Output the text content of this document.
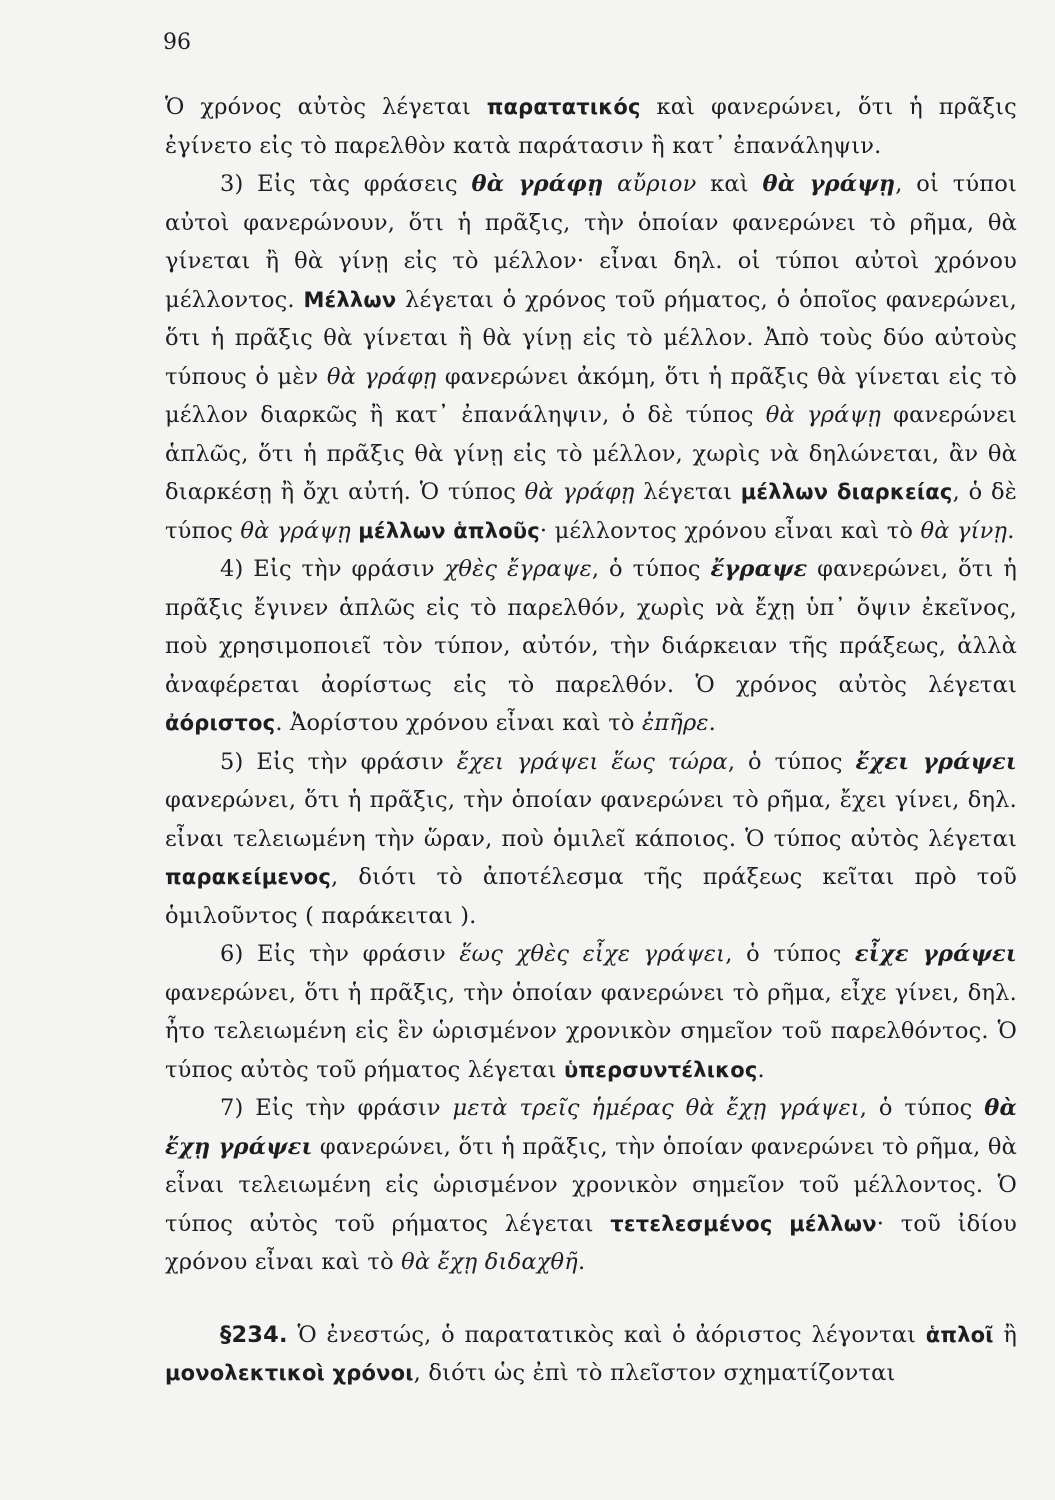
96

Ὁ χρόνος αὐτὸς λέγεται παρατατικός καὶ φανερώνει, ὅτι ἡ πρᾶξις ἐγίνετο εἰς τὸ παρελθὸν κατὰ παράτασιν ἢ κατ᾿ ἐπανάληψιν.

3) Εἰς τὰς φράσεις θὰ γράφῃ αὔριον καὶ θὰ γράψῃ, οἱ τύποι αὐτοὶ φανερώνουν, ὅτι ἡ πρᾶξις, τὴν ὁποίαν φανερώνει τὸ ρῆμα, θὰ γίνεται ἢ θὰ γίνῃ εἰς τὸ μέλλον· εἶναι δηλ. οἱ τύποι αὐτοὶ χρόνου μέλλοντος. Μέλλων λέγεται ὁ χρόνος τοῦ ρήματος, ὁ ὁποῖος φανερώνει, ὅτι ἡ πρᾶξις θὰ γίνεται ἢ θὰ γίνῃ εἰς τὸ μέλλον. Ἀπὸ τοὺς δύο αὐτοὺς τύπους ὁ μὲν θὰ γράφῃ φανερώνει ἀκόμη, ὅτι ἡ πρᾶξις θὰ γίνεται εἰς τὸ μέλλον διαρκῶς ἢ κατ᾿ ἐπανάληψιν, ὁ δὲ τύπος θὰ γράψῃ φανερώνει ἁπλῶς, ὅτι ἡ πρᾶξις θὰ γίνῃ εἰς τὸ μέλλον, χωρὶς νὰ δηλώνεται, ἂν θὰ διαρκέσῃ ἢ ὄχι αὐτή. Ὁ τύπος θὰ γράφῃ λέγεται μέλλων διαρκείας, ὁ δὲ τύπος θὰ γράψῃ μέλλων ἁπλοῦς· μέλλοντος χρόνου εἶναι καὶ τὸ θὰ γίνῃ.

4) Εἰς τὴν φράσιν χθὲς ἔγραψε, ὁ τύπος ἔγραψε φανερώνει, ὅτι ἡ πρᾶξις ἔγινεν ἁπλῶς εἰς τὸ παρελθόν, χωρὶς νὰ ἔχῃ ὑπ᾿ ὄψιν ἐκεῖνος, ποὺ χρησιμοποιεῖ τὸν τύπον, αὐτόν, τὴν διάρκειαν τῆς πράξεως, ἀλλὰ ἀναφέρεται ἀορίστως εἰς τὸ παρελθόν. Ὁ χρόνος αὐτὸς λέγεται ἀόριστος. Ἀορίστου χρόνου εἶναι καὶ τὸ ἐπῆρε.

5) Εἰς τὴν φράσιν ἔχει γράψει ἕως τώρα, ὁ τύπος ἔχει γράψει φανερώνει, ὅτι ἡ πρᾶξις, τὴν ὁποίαν φανερώνει τὸ ρῆμα, ἔχει γίνει, δηλ. εἶναι τελειωμένη τὴν ὥραν, ποὺ ὁμιλεῖ κάποιος. Ὁ τύπος αὐτὸς λέγεται παρακείμενος, διότι τὸ ἀποτέλεσμα τῆς πράξεως κεῖται πρὸ τοῦ ὁμιλοῦντος ( παράκειται ).

6) Εἰς τὴν φράσιν ἕως χθὲς εἶχε γράψει, ὁ τύπος εἶχε γράψει φανερώνει, ὅτι ἡ πρᾶξις, τὴν ὁποίαν φανερώνει τὸ ρῆμα, εἶχε γίνει, δηλ. ἦτο τελειωμένη εἰς ἓν ὡρισμένον χρονικὸν σημεῖον τοῦ παρελθόντος. Ὁ τύπος αὐτὸς τοῦ ρήματος λέγεται ὑπερσυντέλικος.

7) Εἰς τὴν φράσιν μετὰ τρεῖς ἡμέρας θὰ ἔχῃ γράψει, ὁ τύπος θὰ ἔχῃ γράψει φανερώνει, ὅτι ἡ πρᾶξις, τὴν ὁποίαν φανερώνει τὸ ρῆμα, θὰ εἶναι τελειωμένη εἰς ὡρισμένον χρονικὸν σημεῖον τοῦ μέλλοντος. Ὁ τύπος αὐτὸς τοῦ ρήματος λέγεται τετελεσμένος μέλλων· τοῦ ἰδίου χρόνου εἶναι καὶ τὸ θὰ ἔχῃ διδαχθῆ.

§234. Ὁ ἐνεστώς, ὁ παρατατικὸς καὶ ὁ ἀόριστος λέγονται ἁπλοῖ ἢ μονολεκτικοὶ χρόνοι, διότι ὡς ἐπὶ τὸ πλεῖστον σχηματίζονται
